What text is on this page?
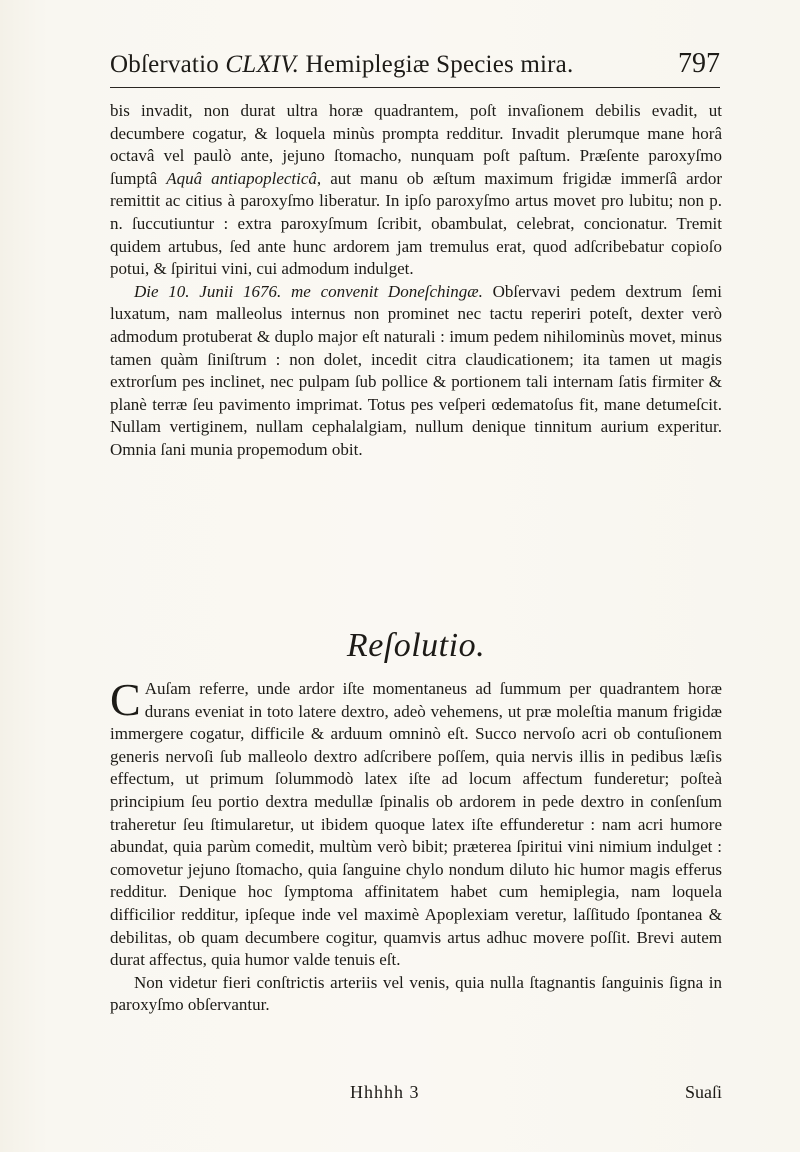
Obſervatio CLXIV. Hemiplegiæ Species mira.	797

bis invadit, non durat ultra horæ quadrantem, poſt invaſionem debilis evadit, ut decumbere cogatur, & loquela minùs prompta redditur. Invadit plerumque mane horâ octavâ vel paulò ante, jejuno ſtomacho, nunquam poſt paſtum. Præſente paroxyſmo ſumptâ Aquâ antiapoplecticâ, aut manu ob æſtum maximum frigidæ immerſâ ardor remittit ac citius à paroxyſmo liberatur. In ipſo paroxyſmo artus movet pro lubitu; non p. n. ſuccutiuntur : extra paroxyſmum ſcribit, obambulat, celebrat, concionatur. Tremit quidem artubus, ſed ante hunc ardorem jam tremulus erat, quod adſcribebatur copioſo potui, & ſpiritui vini, cui admodum indulget.

Die 10. Junii 1676. me convenit Doneſchingæ. Obſervavi pedem dextrum ſemi luxatum, nam malleolus internus non prominet nec tactu reperiri poteſt, dexter verò admodum protuberat & duplo major eſt naturali : imum pedem nihilominùs movet, minus tamen quàm ſiniſtrum : non dolet, incedit citra claudicationem; ita tamen ut magis extrorſum pes inclinet, nec pulpam ſub pollice & portionem tali internam ſatis firmiter & planè terræ ſeu pavimento imprimat. Totus pes veſperi œdematoſus fit, mane detumeſcit. Nullam vertiginem, nullam cephalalgiam, nullum denique tinnitum aurium experitur. Omnia ſani munia propemodum obit.

Reſolutio.

C Auſam referre, unde ardor iſte momentaneus ad ſummum per quadrantem horæ durans eveniat in toto latere dextro, adeò vehemens, ut præ moleſtia manum frigidæ immergere cogatur, difficile & arduum omninò eſt. Succo nervoſo acri ob contuſionem generis nervoſi ſub malleolo dextro adſcribere poſſem, quia nervis illis in pedibus læſis effectum, ut primum ſolummodò latex iſte ad locum affectum funderetur; poſteà principium ſeu portio dextra medullæ ſpinalis ob ardorem in pede dextro in conſenſum traheretur ſeu ſtimularetur, ut ibidem quoque latex iſte effunderetur : nam acri humore abundat, quia parùm comedit, multùm verò bibit; præterea ſpiritui vini nimium indulget : comovetur jejuno ſtomacho, quia ſanguine chylo nondum diluto hic humor magis efferus redditur. Denique hoc ſymptoma affinitatem habet cum hemiplegia, nam loquela difficilior redditur, ipſeque inde vel maximè Apoplexiam veretur, laſſitudo ſpontanea & debilitas, ob quam decumbere cogitur, quamvis artus adhuc movere poſſit. Brevi autem durat affectus, quia humor valde tenuis eſt.

Non videtur fieri conſtrictis arteriis vel venis, quia nulla ſtagnantis ſanguinis ſigna in paroxyſmo obſervantur.

Hhhhh 3	Suaſi
